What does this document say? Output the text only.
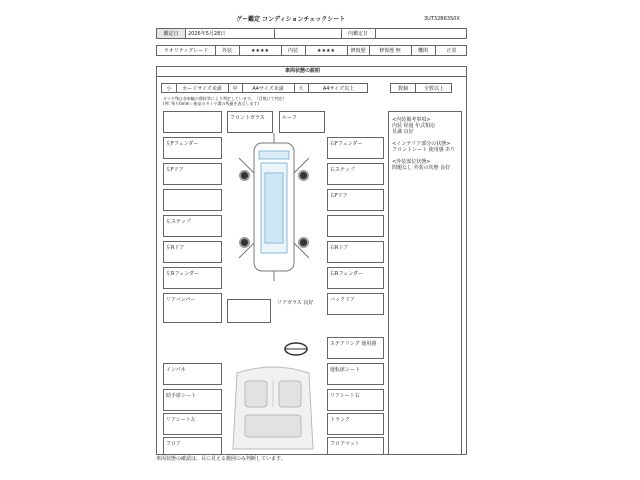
グー鑑定 コンディションチェックシート	3UT32B63S0X
鑑定日	2026年5月28日	内鑑定日
ラオリティグレード	外装	★★★★	内装	★★★★	修復歴	修復歴 無	機関	正常
車両状態の説明
小	カードサイズ未満	中	A4サイズ未満	大	A4サイズ以上	数個	全数以上
タイヤ残は各車輪の摩耗等により判定しています。（目視にて判定）
(例: 残り6mm＝新品のタイヤ溝の残量を表示します)
左Fフェンダー
左Fドア
左ステップ
左Rドア
左Rフェンダー
リアバンパー
フロントガラス	ルーフ
右Fフェンダー
右ステップ
右Fドア
右Rドア
右Rフェンダー
バックドア
リアガラス 良好
<内装備考事項>
内装 経過 年式相応
見識 良好
<インテリア部分の状態>
フロントシート 使用感 あり
<外装部位状態>
問題なし 外装の状態 良好
ステアリング 使用感
運転席シート
リアシート右
トランク
フロアマット
インパネ
助手席シート
リアシート左
フロア
車両状態の確認は、目に見える範囲のみ判断しています。
